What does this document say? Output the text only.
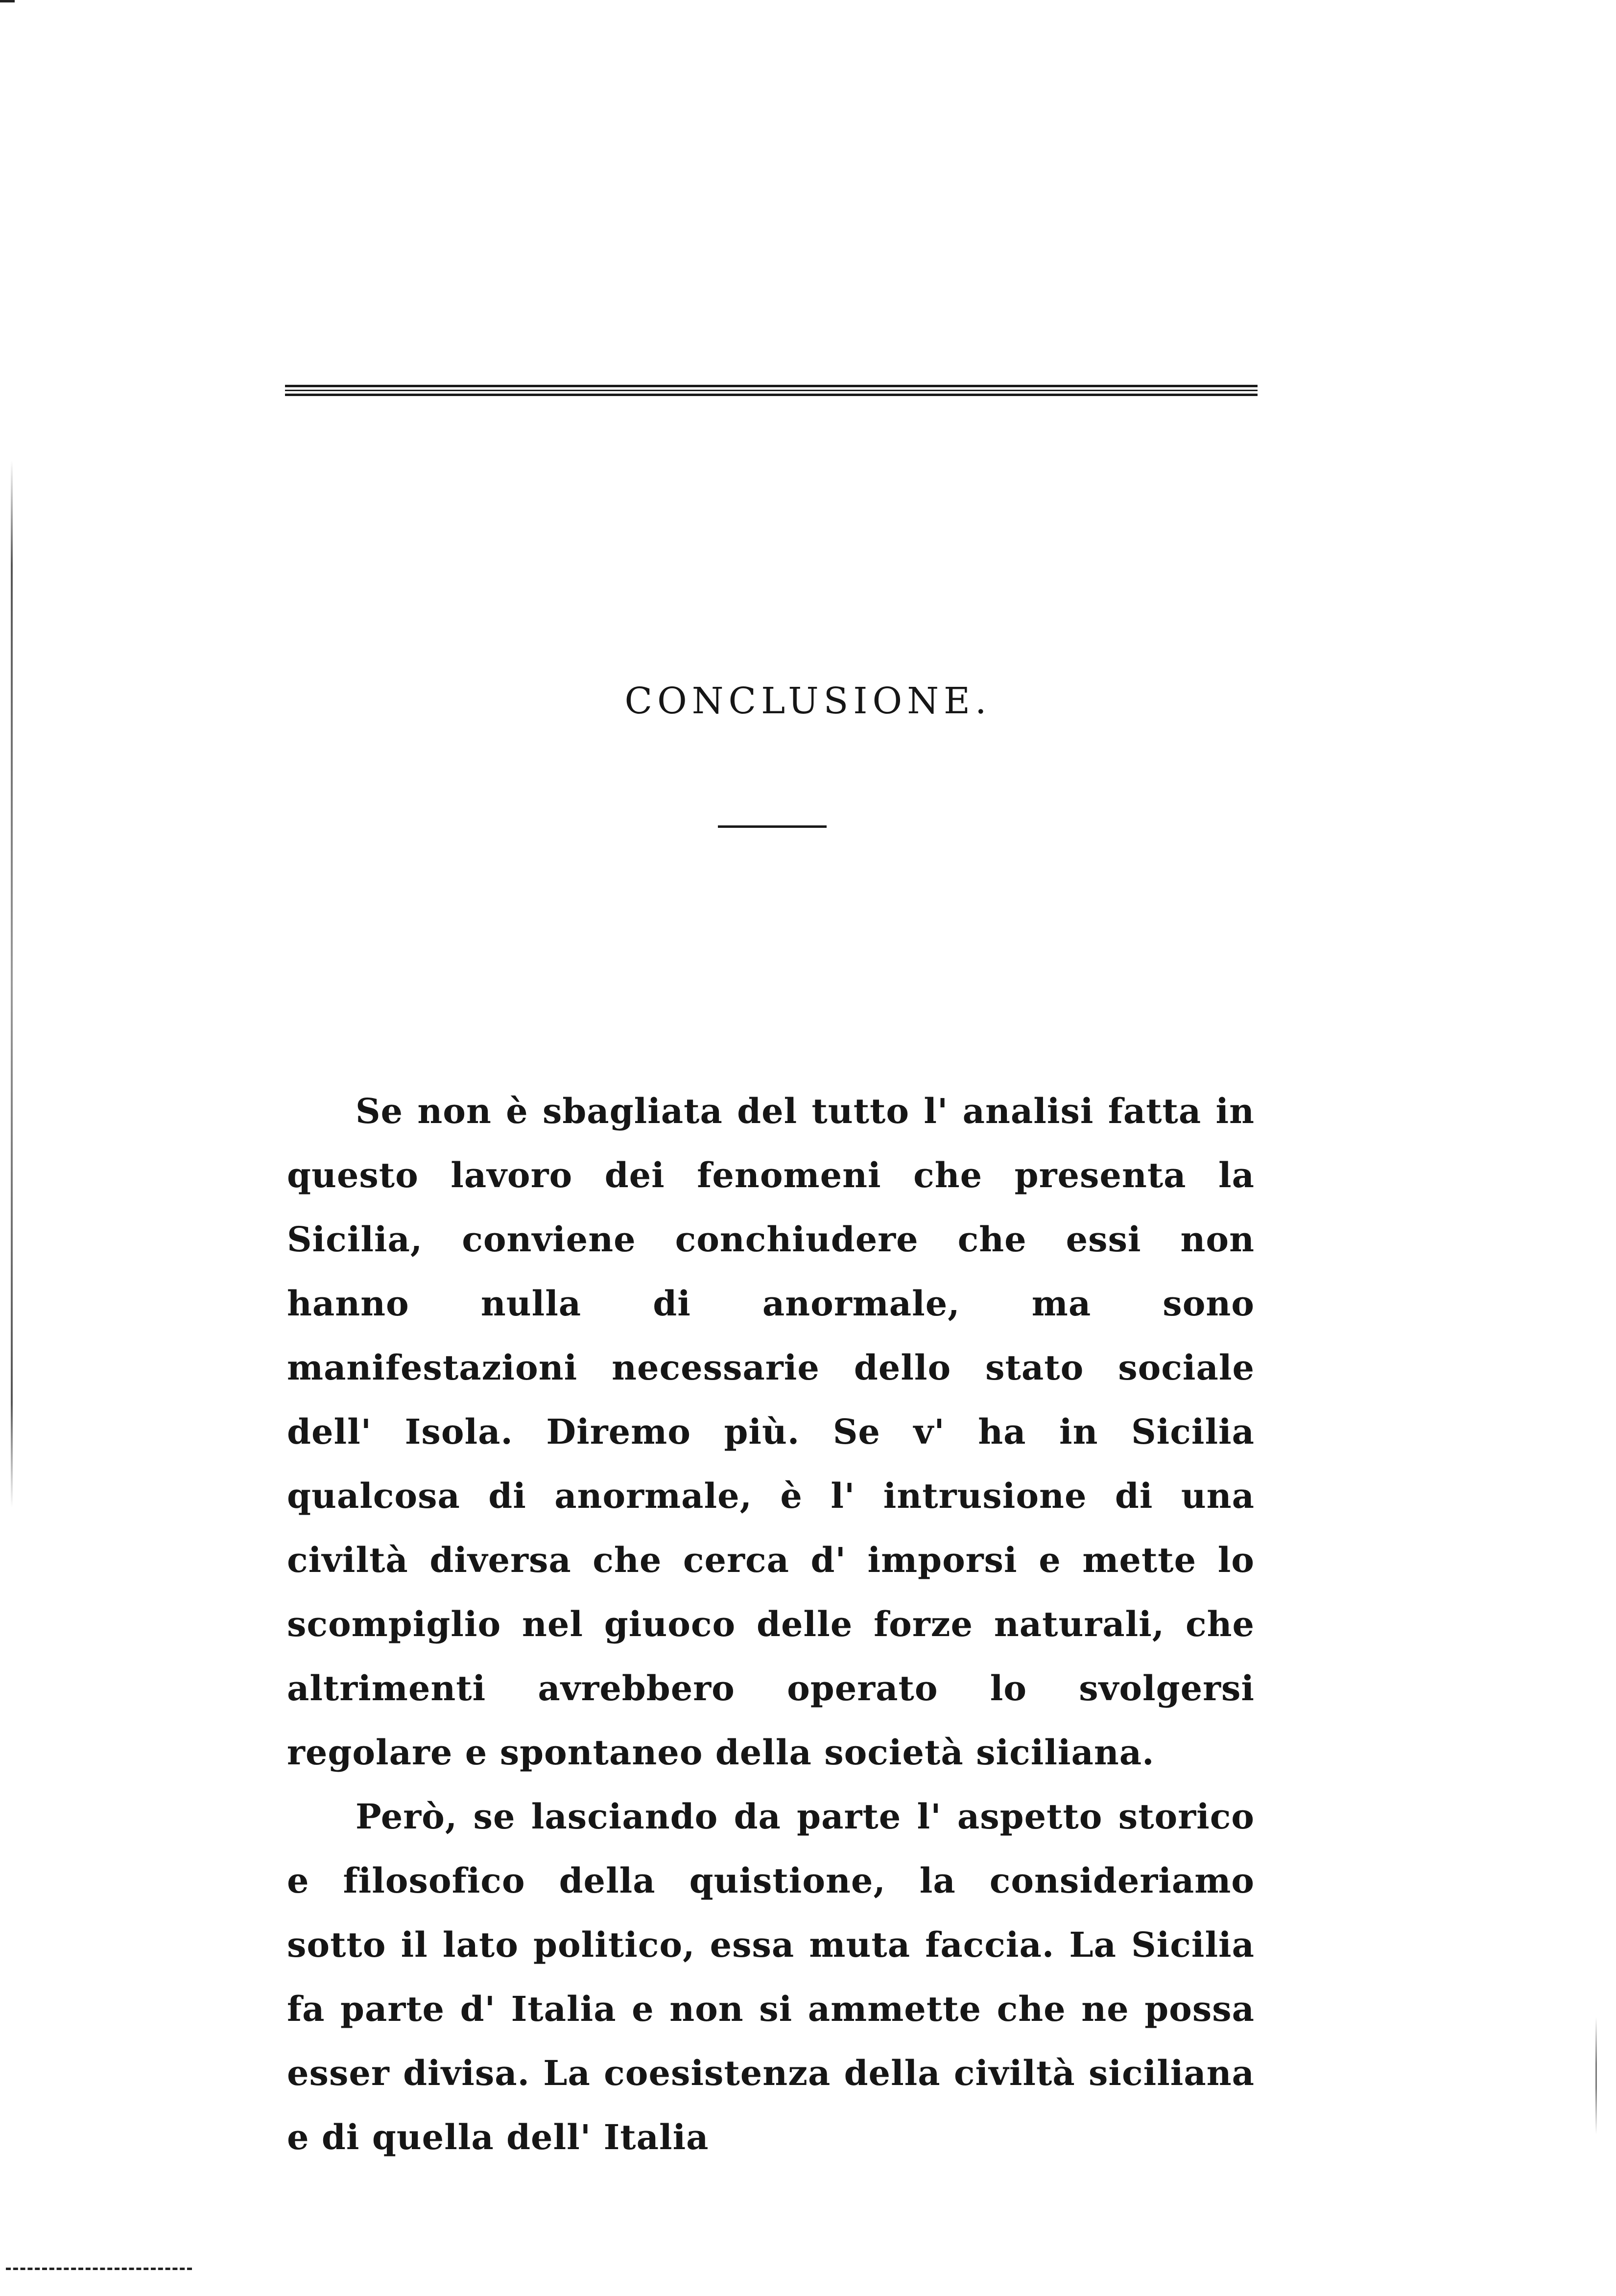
CONCLUSIONE.

Se non è sbagliata del tutto l' analisi fatta in questo lavoro dei fenomeni che presenta la Sicilia, conviene conchiudere che essi non hanno nulla di anormale, ma sono manifestazioni necessarie dello stato sociale dell' Isola. Diremo più. Se v' ha in Sicilia qualcosa di anormale, è l' intrusione di una civiltà diversa che cerca d' imporsi e mette lo scompiglio nel giuoco delle forze naturali, che altrimenti avrebbero operato lo svolgersi regolare e spontaneo della società siciliana.

Però, se lasciando da parte l' aspetto storico e filosofico della quistione, la consideriamo sotto il lato politico, essa muta faccia. La Sicilia fa parte d' Italia e non si ammette che ne possa esser divisa. La coesistenza della civiltà siciliana e di quella dell' Italia
